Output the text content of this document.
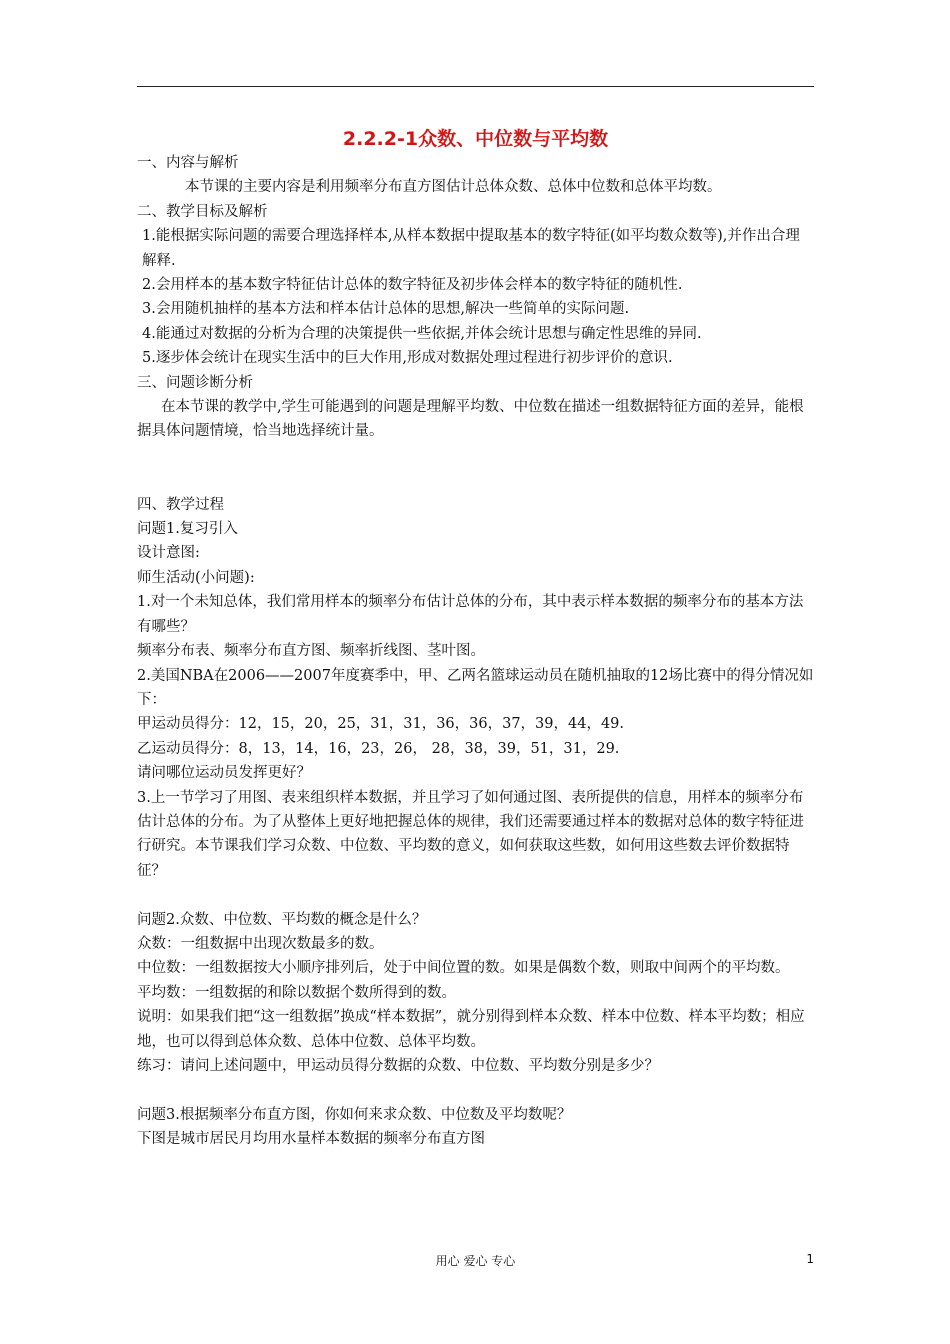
2.2.2-1众数、中位数与平均数

一、内容与解析

本节课的主要内容是利用频率分布直方图估计总体众数、总体中位数和总体平均数。

二、教学目标及解析

1.能根据实际问题的需要合理选择样本,从样本数据中提取基本的数字特征(如平均数众数等),并作出合理解释.

2.会用样本的基本数字特征估计总体的数字特征及初步体会样本的数字特征的随机性.

3.会用随机抽样的基本方法和样本估计总体的思想,解决一些简单的实际问题.

4.能通过对数据的分析为合理的决策提供一些依据,并体会统计思想与确定性思维的异同.

5.逐步体会统计在现实生活中的巨大作用,形成对数据处理过程进行初步评价的意识.

三、问题诊断分析

在本节课的教学中,学生可能遇到的问题是理解平均数、中位数在描述一组数据特征方面的差异，能根据具体问题情境，恰当地选择统计量。

四、教学过程

问题1.复习引入

设计意图:

师生活动(小问题):

1.对一个未知总体，我们常用样本的频率分布估计总体的分布，其中表示样本数据的频率分布的基本方法有哪些？

频率分布表、频率分布直方图、频率折线图、茎叶图。

2.美国NBA在2006——2007年度赛季中，甲、乙两名篮球运动员在随机抽取的12场比赛中的得分情况如下：

甲运动员得分：12，15，20，25，31，31，36，36，37，39，44，49.

乙运动员得分：8，13，14，16，23，26， 28，38，39，51，31，29.

请问哪位运动员发挥更好？

3.上一节学习了用图、表来组织样本数据，并且学习了如何通过图、表所提供的信息，用样本的频率分布估计总体的分布。为了从整体上更好地把握总体的规律，我们还需要通过样本的数据对总体的数字特征进行研究。本节课我们学习众数、中位数、平均数的意义，如何获取这些数，如何用这些数去评价数据特征？

问题2.众数、中位数、平均数的概念是什么？

众数：一组数据中出现次数最多的数。

中位数：一组数据按大小顺序排列后，处于中间位置的数。如果是偶数个数，则取中间两个的平均数。

平均数：一组数据的和除以数据个数所得到的数。

说明：如果我们把“这一组数据”换成“样本数据”，就分别得到样本众数、样本中位数、样本平均数；相应地，也可以得到总体众数、总体中位数、总体平均数。

练习：请问上述问题中，甲运动员得分数据的众数、中位数、平均数分别是多少？

问题3.根据频率分布直方图，你如何来求众数、中位数及平均数呢？

下图是城市居民月均用水量样本数据的频率分布直方图

用心 爱心 专心	1
